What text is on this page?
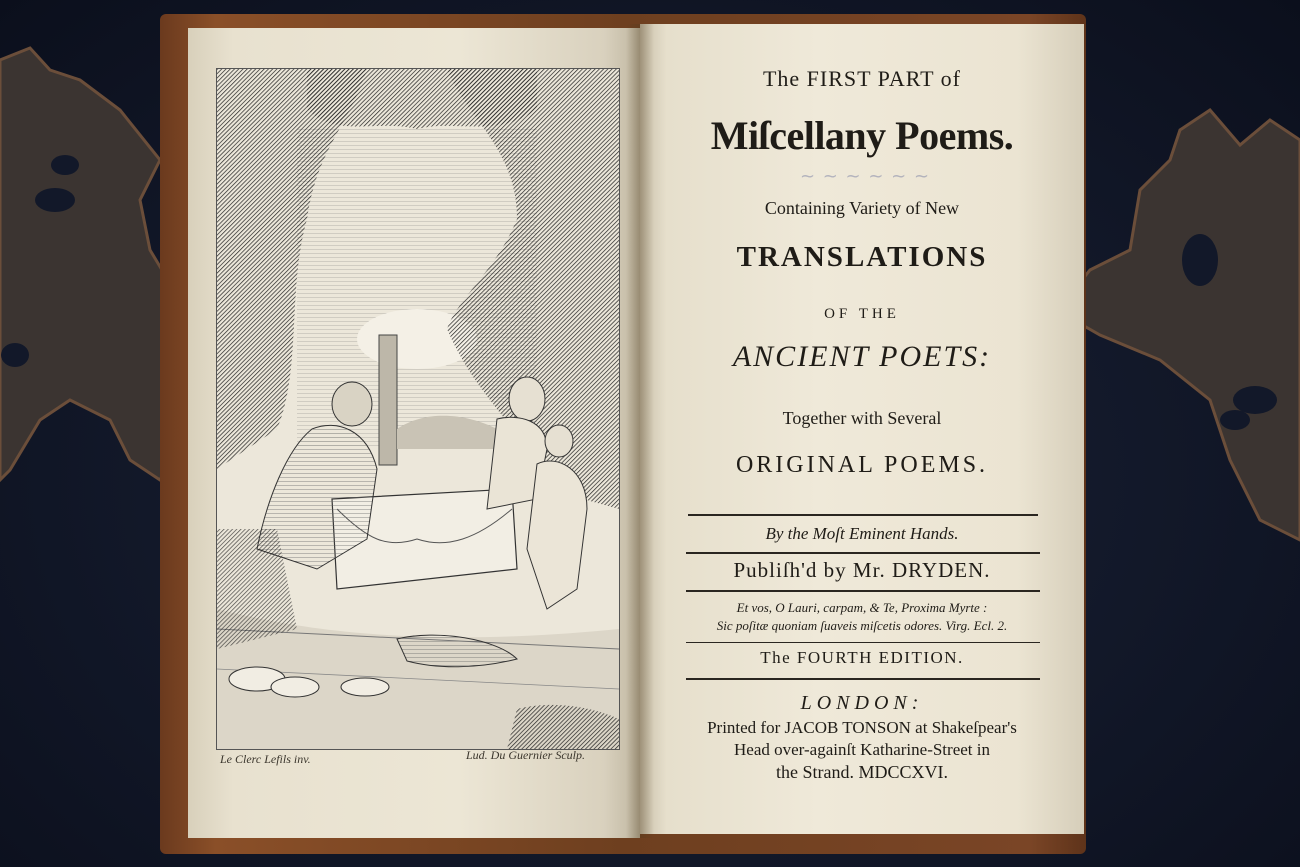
Le Clerc Lefils inv.	Lud. Du Guernier Sculp.

The FIRST PART of

Miſcellany Poems.

~ ~ ~ ~ ~ ~

Containing Variety of New

TRANSLATIONS

OF THE

ANCIENT POETS:

Together with Several

ORIGINAL POEMS.

By the Moſt Eminent Hands.

Publiſh'd by Mr. DRYDEN.

Et vos, O Lauri, carpam, & Te, Proxima Myrte :

Sic poſitæ quoniam ſuaveis miſcetis odores. Virg. Ecl. 2.

The FOURTH EDITION.

LONDON:

Printed for JACOB TONSON at Shakeſpear's

Head over-againſt Katharine-Street in

the Strand. MDCCXVI.
